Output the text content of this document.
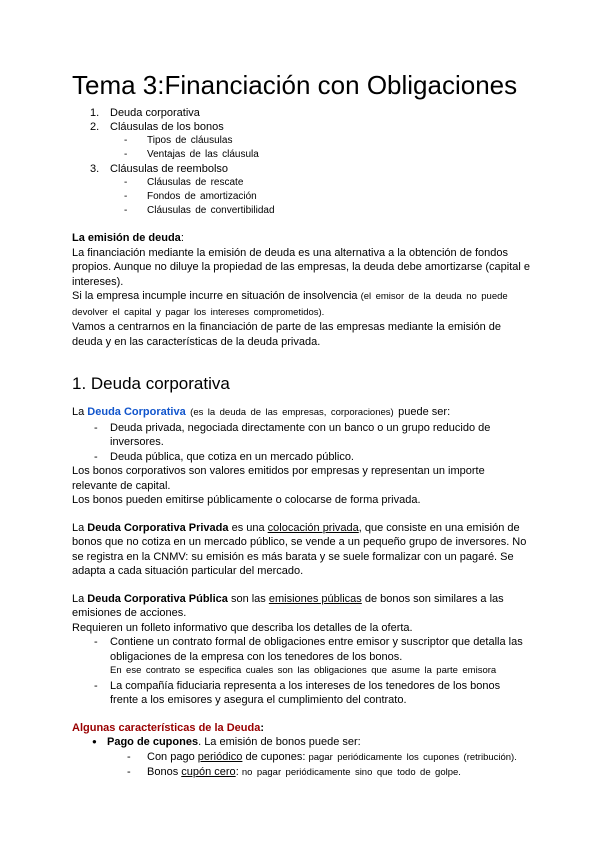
Tema 3:Financiación con Obligaciones
1. Deuda corporativa
2. Cláusulas de los bonos
-	Tipos de cláusulas
-	Ventajas de las cláusula
3. Cláusulas de reembolso
-	Cláusulas de rescate
-	Fondos de amortización
-	Cláusulas de convertibilidad

La emisión de deuda:

La financiación mediante la emisión de deuda es una alternativa a la obtención de fondos propios. Aunque no diluye la propiedad de las empresas, la deuda debe amortizarse (capital e intereses).

Si la empresa incumple incurre en situación de insolvencia (el emisor de la deuda no puede devolver el capital y pagar los intereses comprometidos).

Vamos a centrarnos en la financiación de parte de las empresas mediante la emisión de deuda y en las características de la deuda privada.

1. Deuda corporativa

La Deuda Corporativa (es la deuda de las empresas, corporaciones) puede ser:

-	Deuda privada, negociada directamente con un banco o un grupo reducido de inversores.
-	Deuda pública, que cotiza en un mercado público.

Los bonos corporativos son valores emitidos por empresas y representan un importe relevante de capital.

Los bonos pueden emitirse públicamente o colocarse de forma privada.

La Deuda Corporativa Privada es una colocación privada, que consiste en una emisión de bonos que no cotiza en un mercado público, se vende a un pequeño grupo de inversores. No se registra en la CNMV: su emisión es más barata y se suele formalizar con un pagaré. Se adapta a cada situación particular del mercado.

La Deuda Corporativa Pública son las emisiones públicas de bonos son similares a las emisiones de acciones.

Requieren un folleto informativo que describa los detalles de la oferta.

-	Contiene un contrato formal de obligaciones entre emisor y suscriptor que detalla las obligaciones de la empresa con los tenedores de los bonos.

En ese contrato se especifica cuales son las obligaciones que asume la parte emisora

-	La compañía fiduciaria representa a los intereses de los tenedores de los bonos frente a los emisores y asegura el cumplimiento del contrato.

Algunas características de la Deuda:

● Pago de cupones. La emisión de bonos puede ser:
-	Con pago periódico de cupones: pagar periódicamente los cupones (retribución).
-	Bonos cupón cero: no pagar periódicamente sino que todo de golpe.
